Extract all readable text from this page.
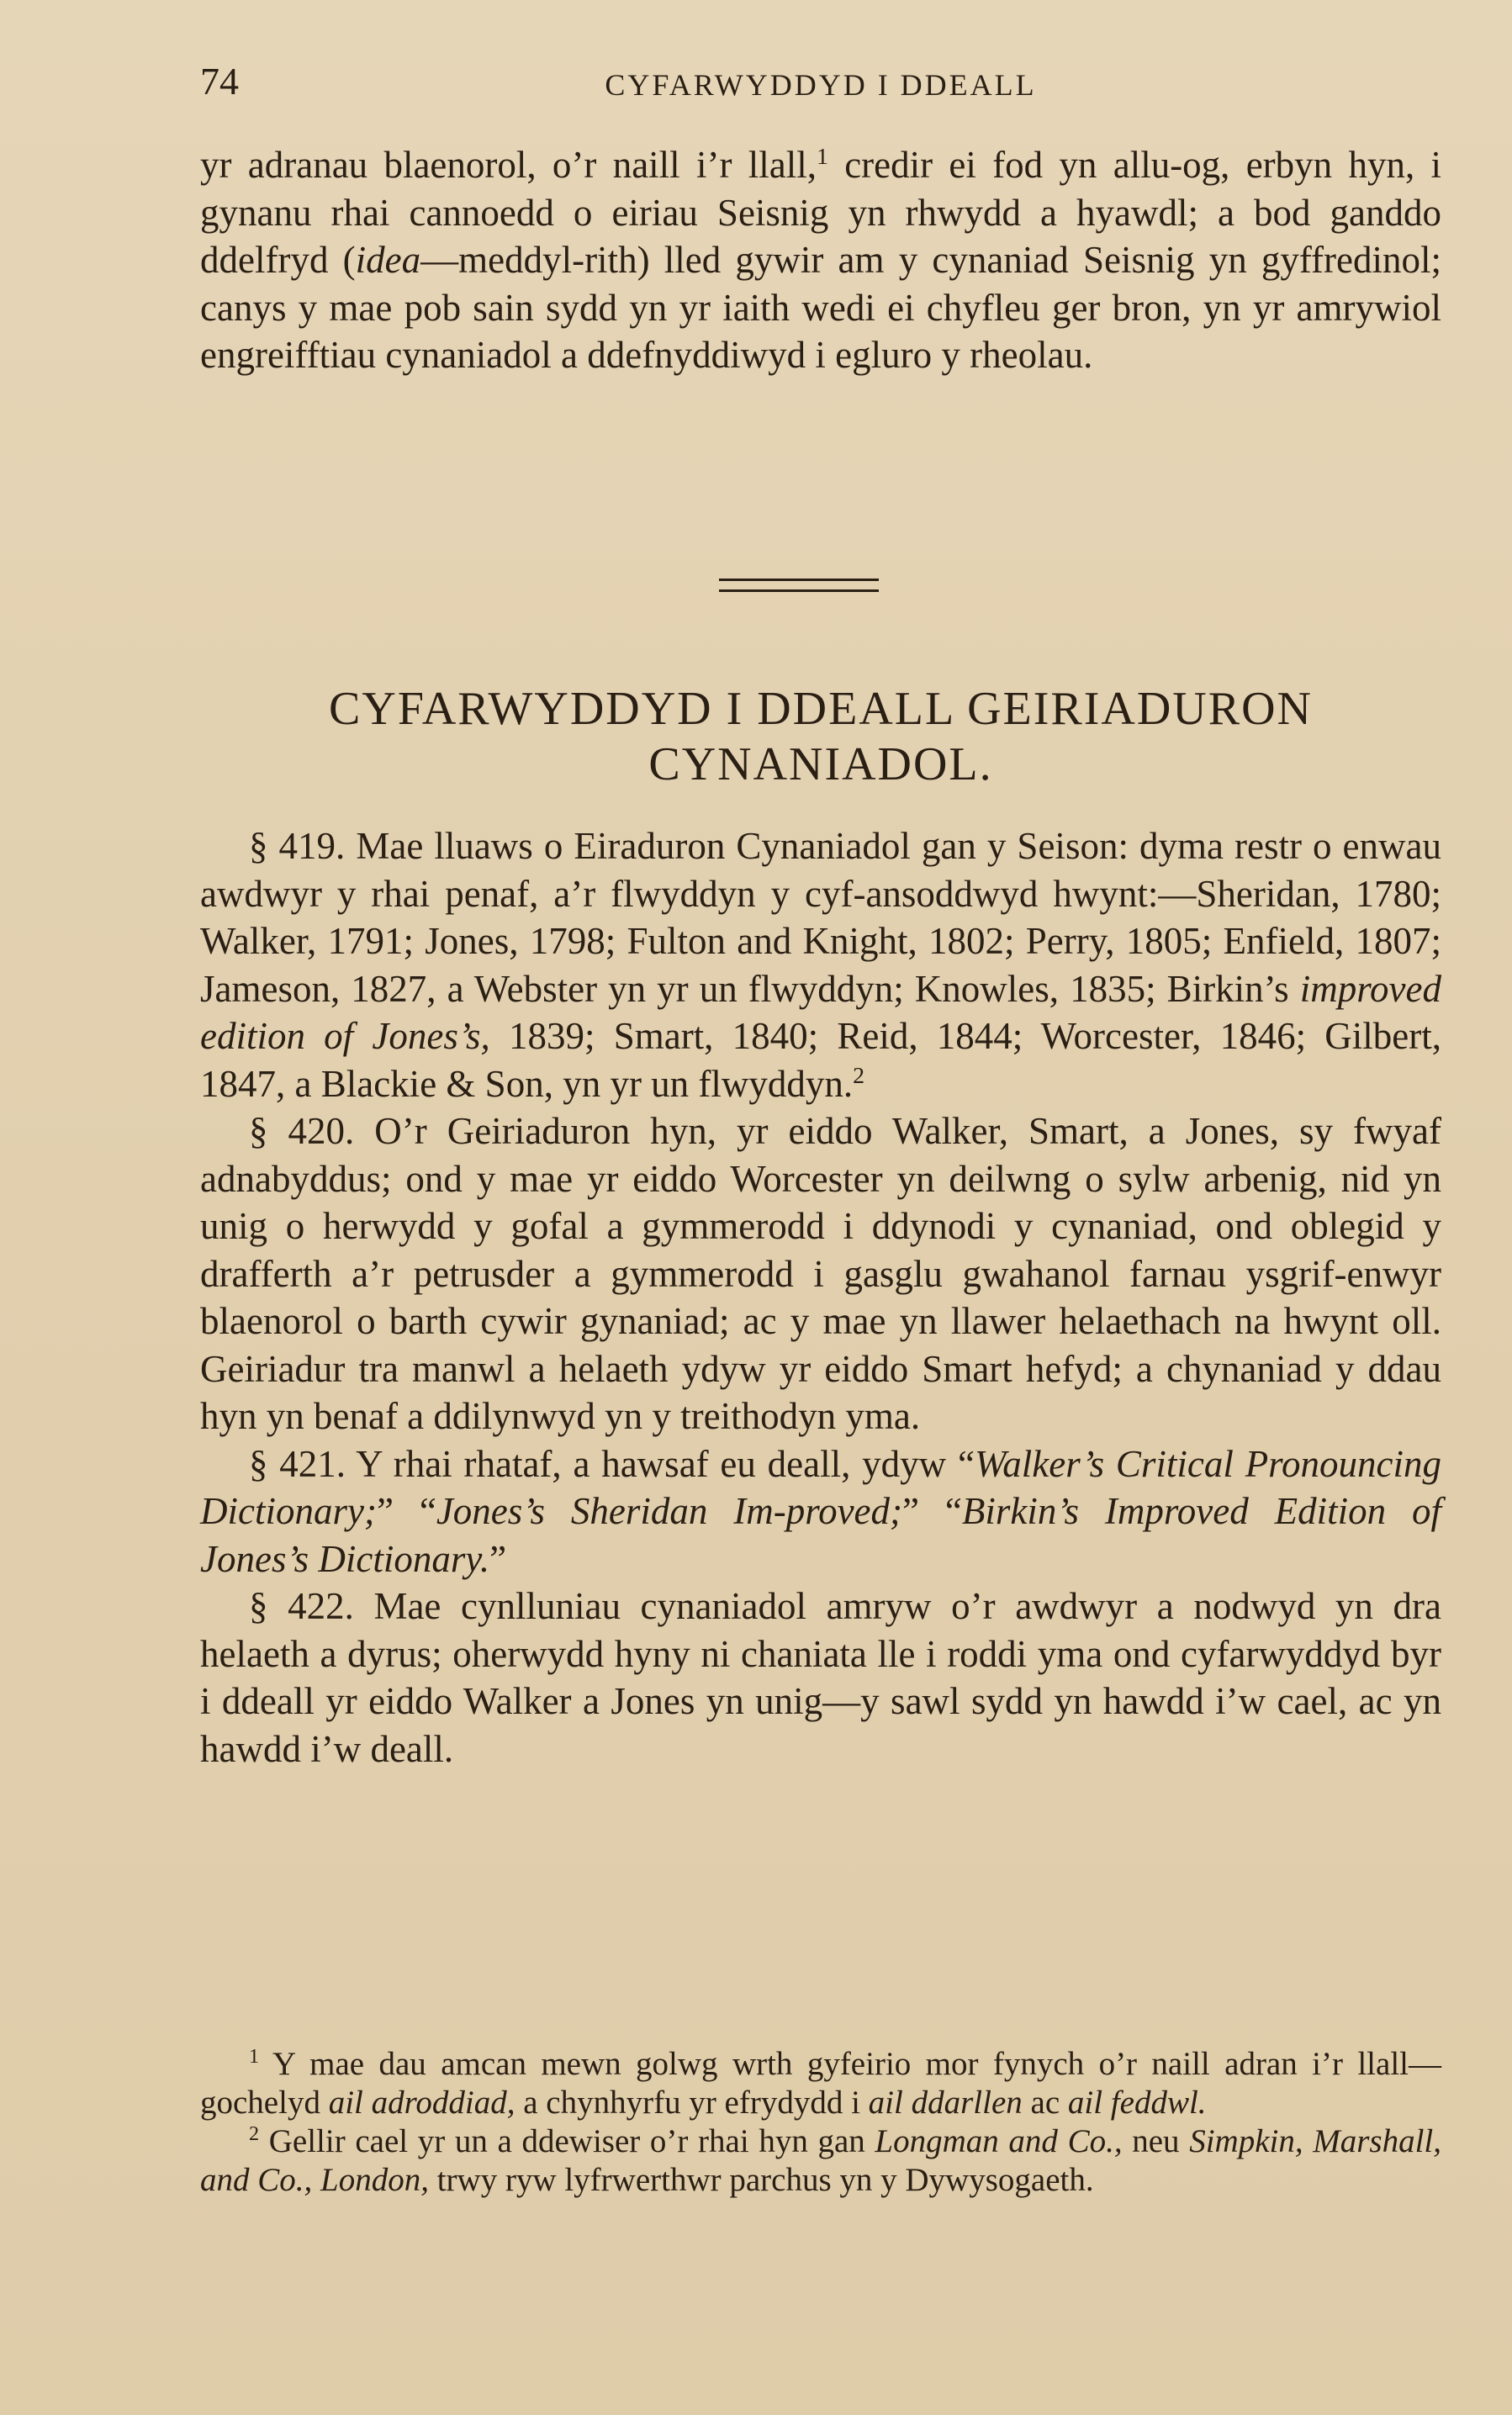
74	CYFARWYDDYD I DDEALL
yr adranau blaenorol, o’r naill i’r llall,$^1$ credir ei fod yn allu-og, erbyn hyn, i gynanu rhai cannoedd o eiriau Seisnig yn rhwydd a hyawdl; a bod ganddo ddelfryd (idea—meddyl-rith) lled gywir am y cynaniad Seisnig yn gyffredinol; canys y mae pob sain sydd yn yr iaith wedi ei chyfleu ger bron, yn yr amrywiol engreifftiau cynaniadol a ddefnyddiwyd i egluro y rheolau.
CYFARWYDDYD I DDEALL GEIRIADURON
CYNANIADOL.

§ 419. Mae lluaws o Eiraduron Cynaniadol gan y Seison: dyma restr o enwau awdwyr y rhai penaf, a’r flwyddyn y cyf-ansoddwyd hwynt:—Sheridan, 1780; Walker, 1791; Jones, 1798; Fulton and Knight, 1802; Perry, 1805; Enfield, 1807; Jameson, 1827, a Webster yn yr un flwyddyn; Knowles, 1835; Birkin’s improved edition of Jones’s, 1839; Smart, 1840; Reid, 1844; Worcester, 1846; Gilbert, 1847, a Blackie & Son, yn yr un flwyddyn.$^2$

§ 420. O’r Geiriaduron hyn, yr eiddo Walker, Smart, a Jones, sy fwyaf adnabyddus; ond y mae yr eiddo Worcester yn deilwng o sylw arbenig, nid yn unig o herwydd y gofal a gymmerodd i ddynodi y cynaniad, ond oblegid y drafferth a’r petrusder a gymmerodd i gasglu gwahanol farnau ysgrif-enwyr blaenorol o barth cywir gynaniad; ac y mae yn llawer helaethach na hwynt oll. Geiriadur tra manwl a helaeth ydyw yr eiddo Smart hefyd; a chynaniad y ddau hyn yn benaf a ddilynwyd yn y treithodyn yma.

§ 421. Y rhai rhataf, a hawsaf eu deall, ydyw “Walker’s Critical Pronouncing Dictionary;” “Jones’s Sheridan Im-proved;” “Birkin’s Improved Edition of Jones’s Dictionary.”

§ 422. Mae cynlluniau cynaniadol amryw o’r awdwyr a nodwyd yn dra helaeth a dyrus; oherwydd hyny ni chaniata lle i roddi yma ond cyfarwyddyd byr i ddeall yr eiddo Walker a Jones yn unig—y sawl sydd yn hawdd i’w cael, ac yn hawdd i’w deall.

$^1$ Y mae dau amcan mewn golwg wrth gyfeirio mor fynych o’r naill adran i’r llall—gochelyd ail adroddiad, a chynhyrfu yr efrydydd i ail ddarllen ac ail feddwl.

$^2$ Gellir cael yr un a ddewiser o’r rhai hyn gan Longman and Co., neu Simpkin, Marshall, and Co., London, trwy ryw lyfrwerthwr parchus yn y Dywysogaeth.
